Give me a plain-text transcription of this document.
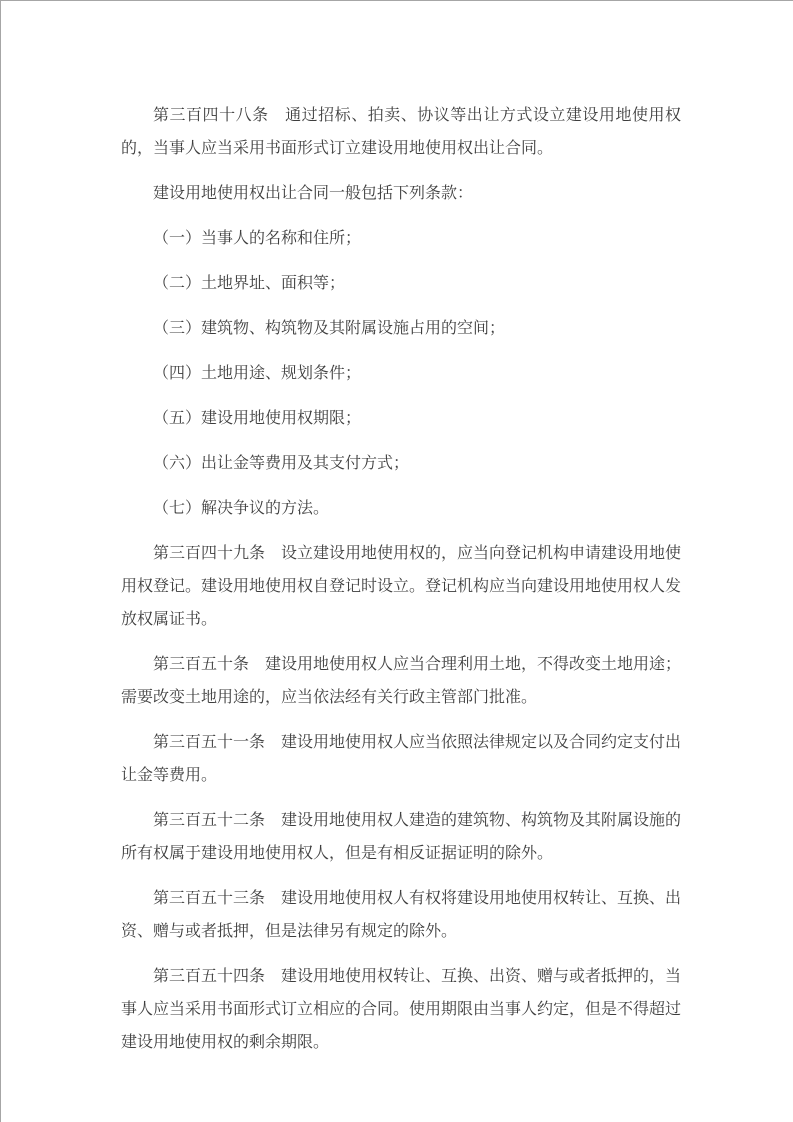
第三百四十八条　通过招标、拍卖、协议等出让方式设立建设用地使用权的，当事人应当采用书面形式订立建设用地使用权出让合同。

建设用地使用权出让合同一般包括下列条款：

（一）当事人的名称和住所；

（二）土地界址、面积等；

（三）建筑物、构筑物及其附属设施占用的空间；

（四）土地用途、规划条件；

（五）建设用地使用权期限；

（六）出让金等费用及其支付方式；

（七）解决争议的方法。

第三百四十九条　设立建设用地使用权的，应当向登记机构申请建设用地使用权登记。建设用地使用权自登记时设立。登记机构应当向建设用地使用权人发放权属证书。

第三百五十条　建设用地使用权人应当合理利用土地，不得改变土地用途；需要改变土地用途的，应当依法经有关行政主管部门批准。

第三百五十一条　建设用地使用权人应当依照法律规定以及合同约定支付出让金等费用。

第三百五十二条　建设用地使用权人建造的建筑物、构筑物及其附属设施的所有权属于建设用地使用权人，但是有相反证据证明的除外。

第三百五十三条　建设用地使用权人有权将建设用地使用权转让、互换、出资、赠与或者抵押，但是法律另有规定的除外。

第三百五十四条　建设用地使用权转让、互换、出资、赠与或者抵押的，当事人应当采用书面形式订立相应的合同。使用期限由当事人约定，但是不得超过建设用地使用权的剩余期限。
